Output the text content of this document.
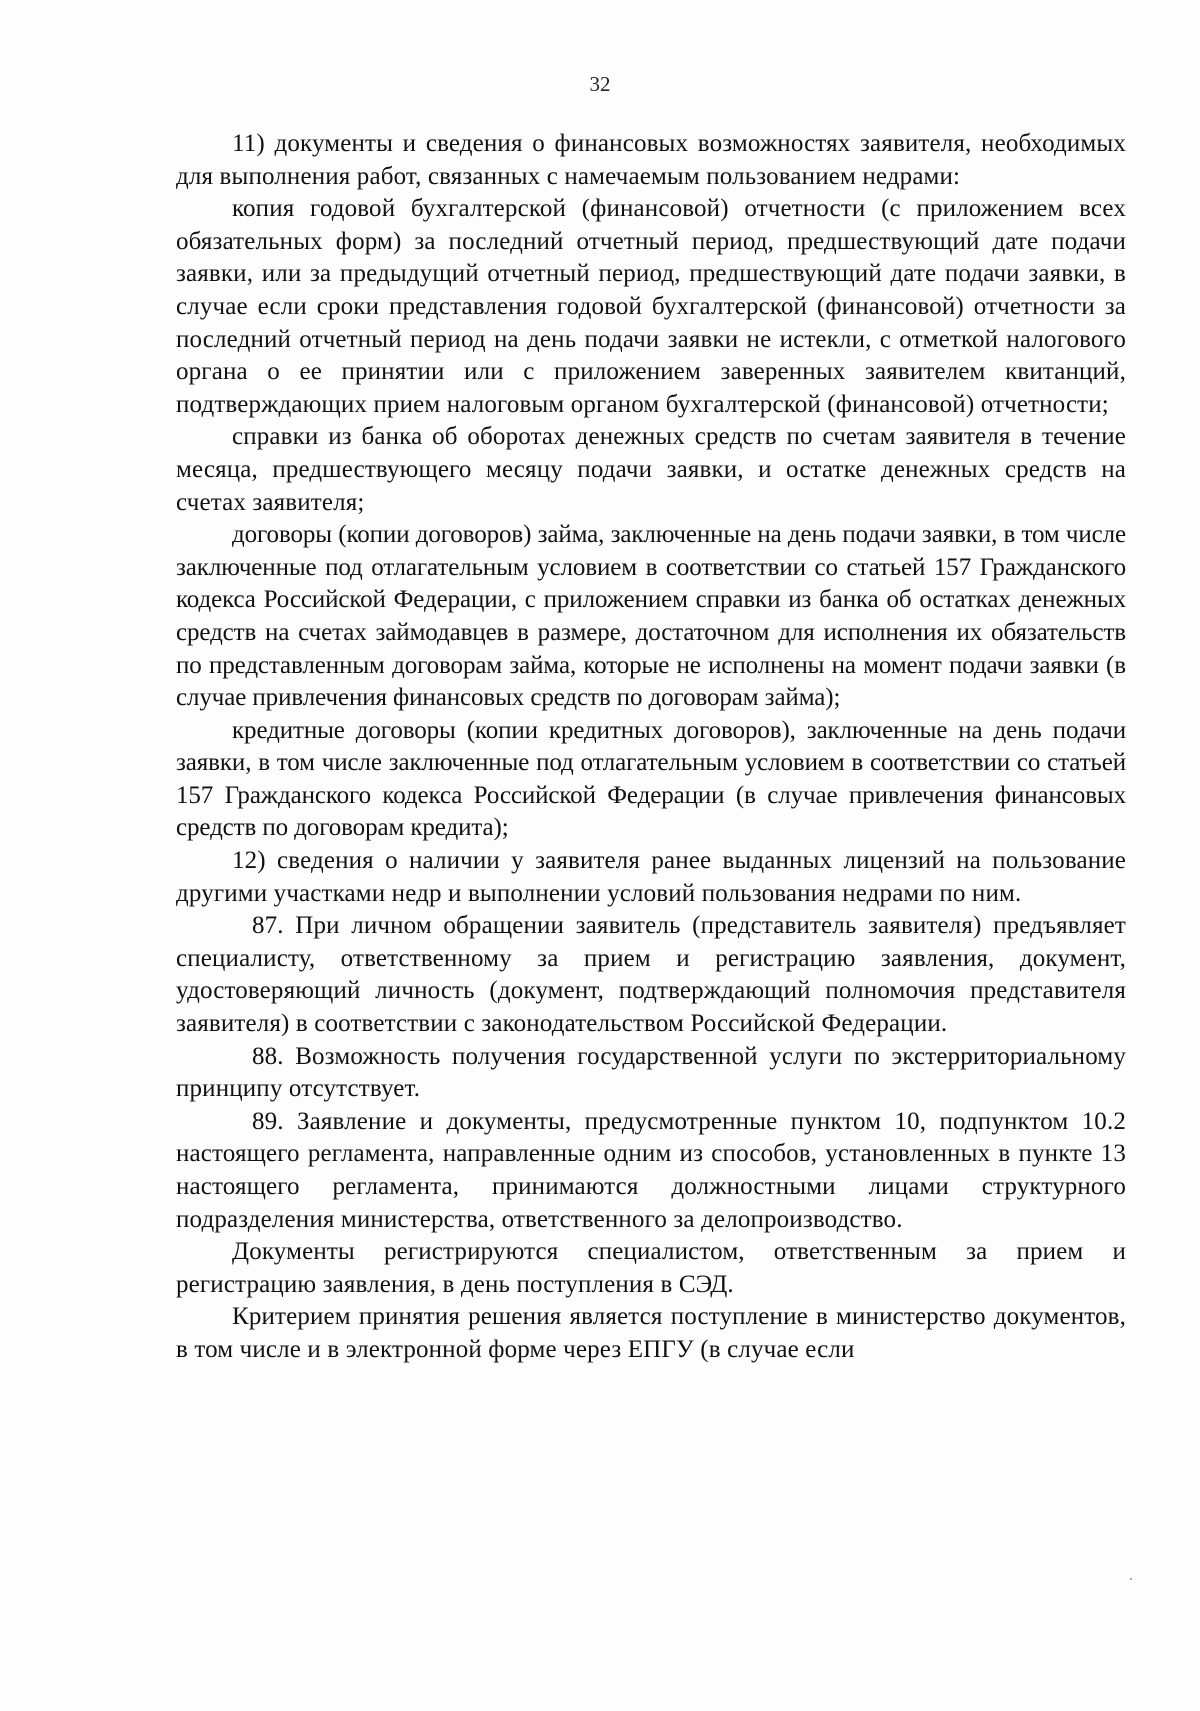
32

11) документы и сведения о финансовых возможностях заявителя, необходимых для выполнения работ, связанных с намечаемым пользованием недрами:

копия годовой бухгалтерской (финансовой) отчетности (с приложением всех обязательных форм) за последний отчетный период, предшествующий дате подачи заявки, или за предыдущий отчетный период, предшествующий дате подачи заявки, в случае если сроки представления годовой бухгалтерской (финансовой) отчетности за последний отчетный период на день подачи заявки не истекли, с отметкой налогового органа о ее принятии или с приложением заверенных заявителем квитанций, подтверждающих прием налоговым органом бухгалтерской (финансовой) отчетности;

справки из банка об оборотах денежных средств по счетам заявителя в течение месяца, предшествующего месяцу подачи заявки, и остатке денежных средств на счетах заявителя;

договоры (копии договоров) займа, заключенные на день подачи заявки, в том числе заключенные под отлагательным условием в соответствии со статьей 157 Гражданского кодекса Российской Федерации, с приложением справки из банка об остатках денежных средств на счетах займодавцев в размере, достаточном для исполнения их обязательств по представленным договорам займа, которые не исполнены на момент подачи заявки (в случае привлечения финансовых средств по договорам займа);

кредитные договоры (копии кредитных договоров), заключенные на день подачи заявки, в том числе заключенные под отлагательным условием в соответствии со статьей 157 Гражданского кодекса Российской Федерации (в случае привлечения финансовых средств по договорам кредита);

12) сведения о наличии у заявителя ранее выданных лицензий на пользование другими участками недр и выполнении условий пользования недрами по ним.

87. При личном обращении заявитель (представитель заявителя) предъявляет специалисту, ответственному за прием и регистрацию заявления, документ, удостоверяющий личность (документ, подтверждающий полномочия представителя заявителя) в соответствии с законодательством Российской Федерации.

88. Возможность получения государственной услуги по экстерриториальному принципу отсутствует.

89. Заявление и документы, предусмотренные пунктом 10, подпунктом 10.2 настоящего регламента, направленные одним из способов, установленных в пункте 13 настоящего регламента, принимаются должностными лицами структурного подразделения министерства, ответственного за делопроизводство.

Документы регистрируются специалистом, ответственным за прием и регистрацию заявления, в день поступления в СЭД.

Критерием принятия решения является поступление в министерство документов, в том числе и в электронной форме через ЕПГУ (в случае если
